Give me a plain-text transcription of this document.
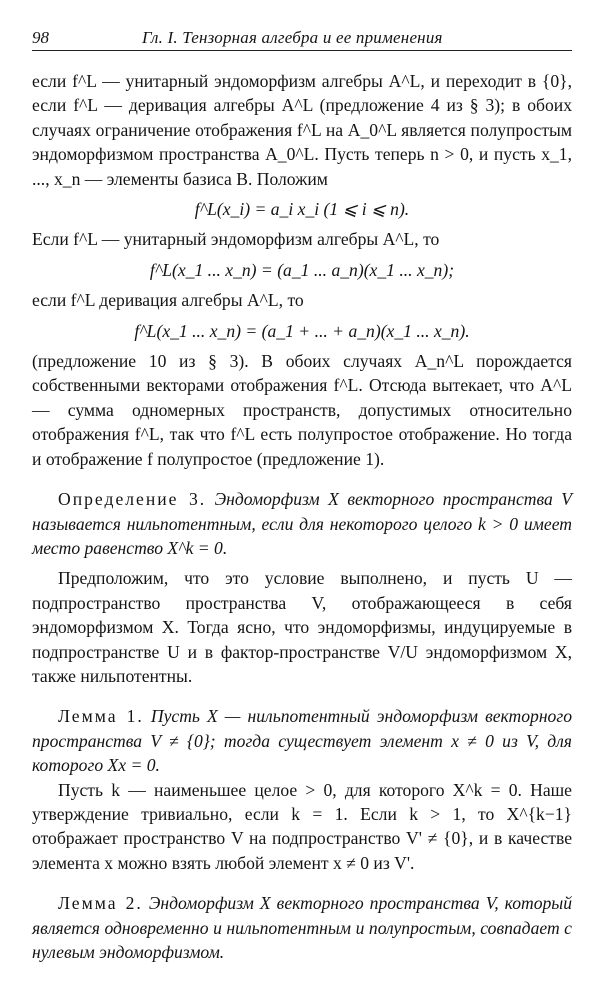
98	Гл. I. Тензорная алгебра и ее применения

если f^L — унитарный эндоморфизм алгебры A^L, и переходит в {0}, если f^L — деривация алгебры A^L (предложение 4 из § 3); в обоих случаях ограничение отображения f^L на A_0^L является полупростым эндоморфизмом пространства A_0^L. Пусть теперь n > 0, и пусть x_1, ..., x_n — элементы базиса B. Положим

f^L(x_i) = a_i x_i (1 ⩽ i ⩽ n).

Если f^L — унитарный эндоморфизм алгебры A^L, то

f^L(x_1 ... x_n) = (a_1 ... a_n)(x_1 ... x_n);

если f^L деривация алгебры A^L, то

f^L(x_1 ... x_n) = (a_1 + ... + a_n)(x_1 ... x_n).

(предложение 10 из § 3). В обоих случаях A_n^L порождается собственными векторами отображения f^L. Отсюда вытекает, что A^L — сумма одномерных пространств, допустимых относительно отображения f^L, так что f^L есть полупростое отображение. Но тогда и отображение f полупростое (предложение 1).

Определение 3. Эндоморфизм X векторного пространства V называется нильпотентным, если для некоторого целого k > 0 имеет место равенство X^k = 0.

Предположим, что это условие выполнено, и пусть U — подпространство пространства V, отображающееся в себя эндоморфизмом X. Тогда ясно, что эндоморфизмы, индуцируемые в подпространстве U и в фактор-пространстве V/U эндоморфизмом X, также нильпотентны.

Лемма 1. Пусть X — нильпотентный эндоморфизм векторного пространства V ≠ {0}; тогда существует элемент x ≠ 0 из V, для которого Xx = 0.

Пусть k — наименьшее целое > 0, для которого X^k = 0. Наше утверждение тривиально, если k = 1. Если k > 1, то X^{k−1} отображает пространство V на подпространство V' ≠ {0}, и в качестве элемента x можно взять любой элемент x ≠ 0 из V'.

Лемма 2. Эндоморфизм X векторного пространства V, который является одновременно и нильпотентным и полупростым, совпадает с нулевым эндоморфизмом.
